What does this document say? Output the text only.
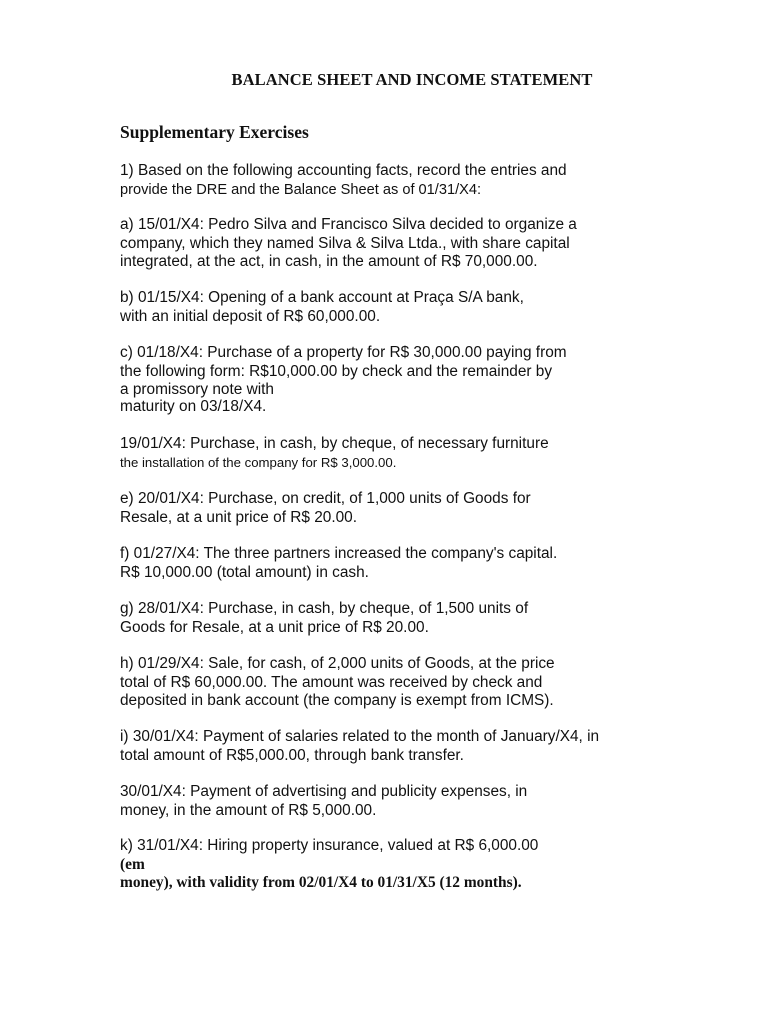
BALANCE SHEET AND INCOME STATEMENT
Supplementary Exercises
1) Based on the following accounting facts, record the entries and
provide the DRE and the Balance Sheet as of 01/31/X4:
a) 15/01/X4: Pedro Silva and Francisco Silva decided to organize a
company, which they named Silva & Silva Ltda., with share capital
integrated, at the act, in cash, in the amount of R$ 70,000.00.
b) 01/15/X4: Opening of a bank account at Praça S/A bank,
with an initial deposit of R$ 60,000.00.
c) 01/18/X4: Purchase of a property for R$ 30,000.00 paying from
the following form: R$10,000.00 by check and the remainder by
a promissory note with
maturity on 03/18/X4.
19/01/X4: Purchase, in cash, by cheque, of necessary furniture
the installation of the company for R$ 3,000.00.
e) 20/01/X4: Purchase, on credit, of 1,000 units of Goods for
Resale, at a unit price of R$ 20.00.
f) 01/27/X4: The three partners increased the company's capital.
R$ 10,000.00 (total amount) in cash.
g) 28/01/X4: Purchase, in cash, by cheque, of 1,500 units of
Goods for Resale, at a unit price of R$ 20.00.
h) 01/29/X4: Sale, for cash, of 2,000 units of Goods, at the price
total of R$ 60,000.00. The amount was received by check and
deposited in bank account (the company is exempt from ICMS).
i) 30/01/X4: Payment of salaries related to the month of January/X4, in
total amount of R$5,000.00, through bank transfer.
30/01/X4: Payment of advertising and publicity expenses, in
money, in the amount of R$ 5,000.00.
k) 31/01/X4: Hiring property insurance, valued at R$ 6,000.00
(em
money), with validity from 02/01/X4 to 01/31/X5 (12 months).
